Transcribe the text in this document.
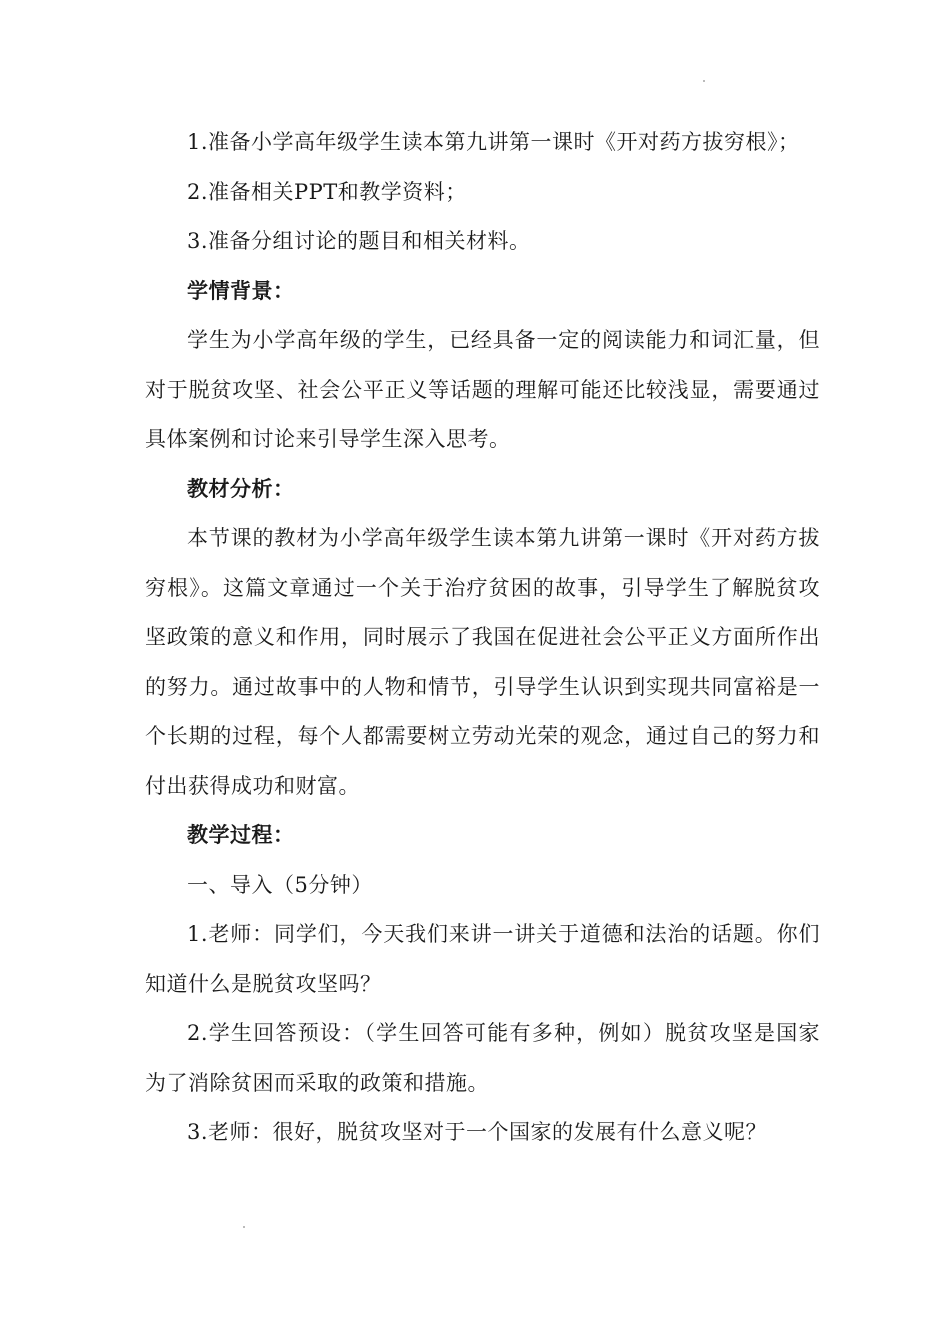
1.准备小学高年级学生读本第九讲第一课时《开对药方拔穷根》；

2.准备相关PPT和教学资料；

3.准备分组讨论的题目和相关材料。

学情背景：

学生为小学高年级的学生，已经具备一定的阅读能力和词汇量，但对于脱贫攻坚、社会公平正义等话题的理解可能还比较浅显，需要通过具体案例和讨论来引导学生深入思考。

教材分析：

本节课的教材为小学高年级学生读本第九讲第一课时《开对药方拔穷根》。这篇文章通过一个关于治疗贫困的故事，引导学生了解脱贫攻坚政策的意义和作用，同时展示了我国在促进社会公平正义方面所作出的努力。通过故事中的人物和情节，引导学生认识到实现共同富裕是一个长期的过程，每个人都需要树立劳动光荣的观念，通过自己的努力和付出获得成功和财富。

教学过程：

一、导入（5分钟）

1.老师：同学们，今天我们来讲一讲关于道德和法治的话题。你们知道什么是脱贫攻坚吗？

2.学生回答预设：（学生回答可能有多种，例如）脱贫攻坚是国家为了消除贫困而采取的政策和措施。

3.老师：很好，脱贫攻坚对于一个国家的发展有什么意义呢？
